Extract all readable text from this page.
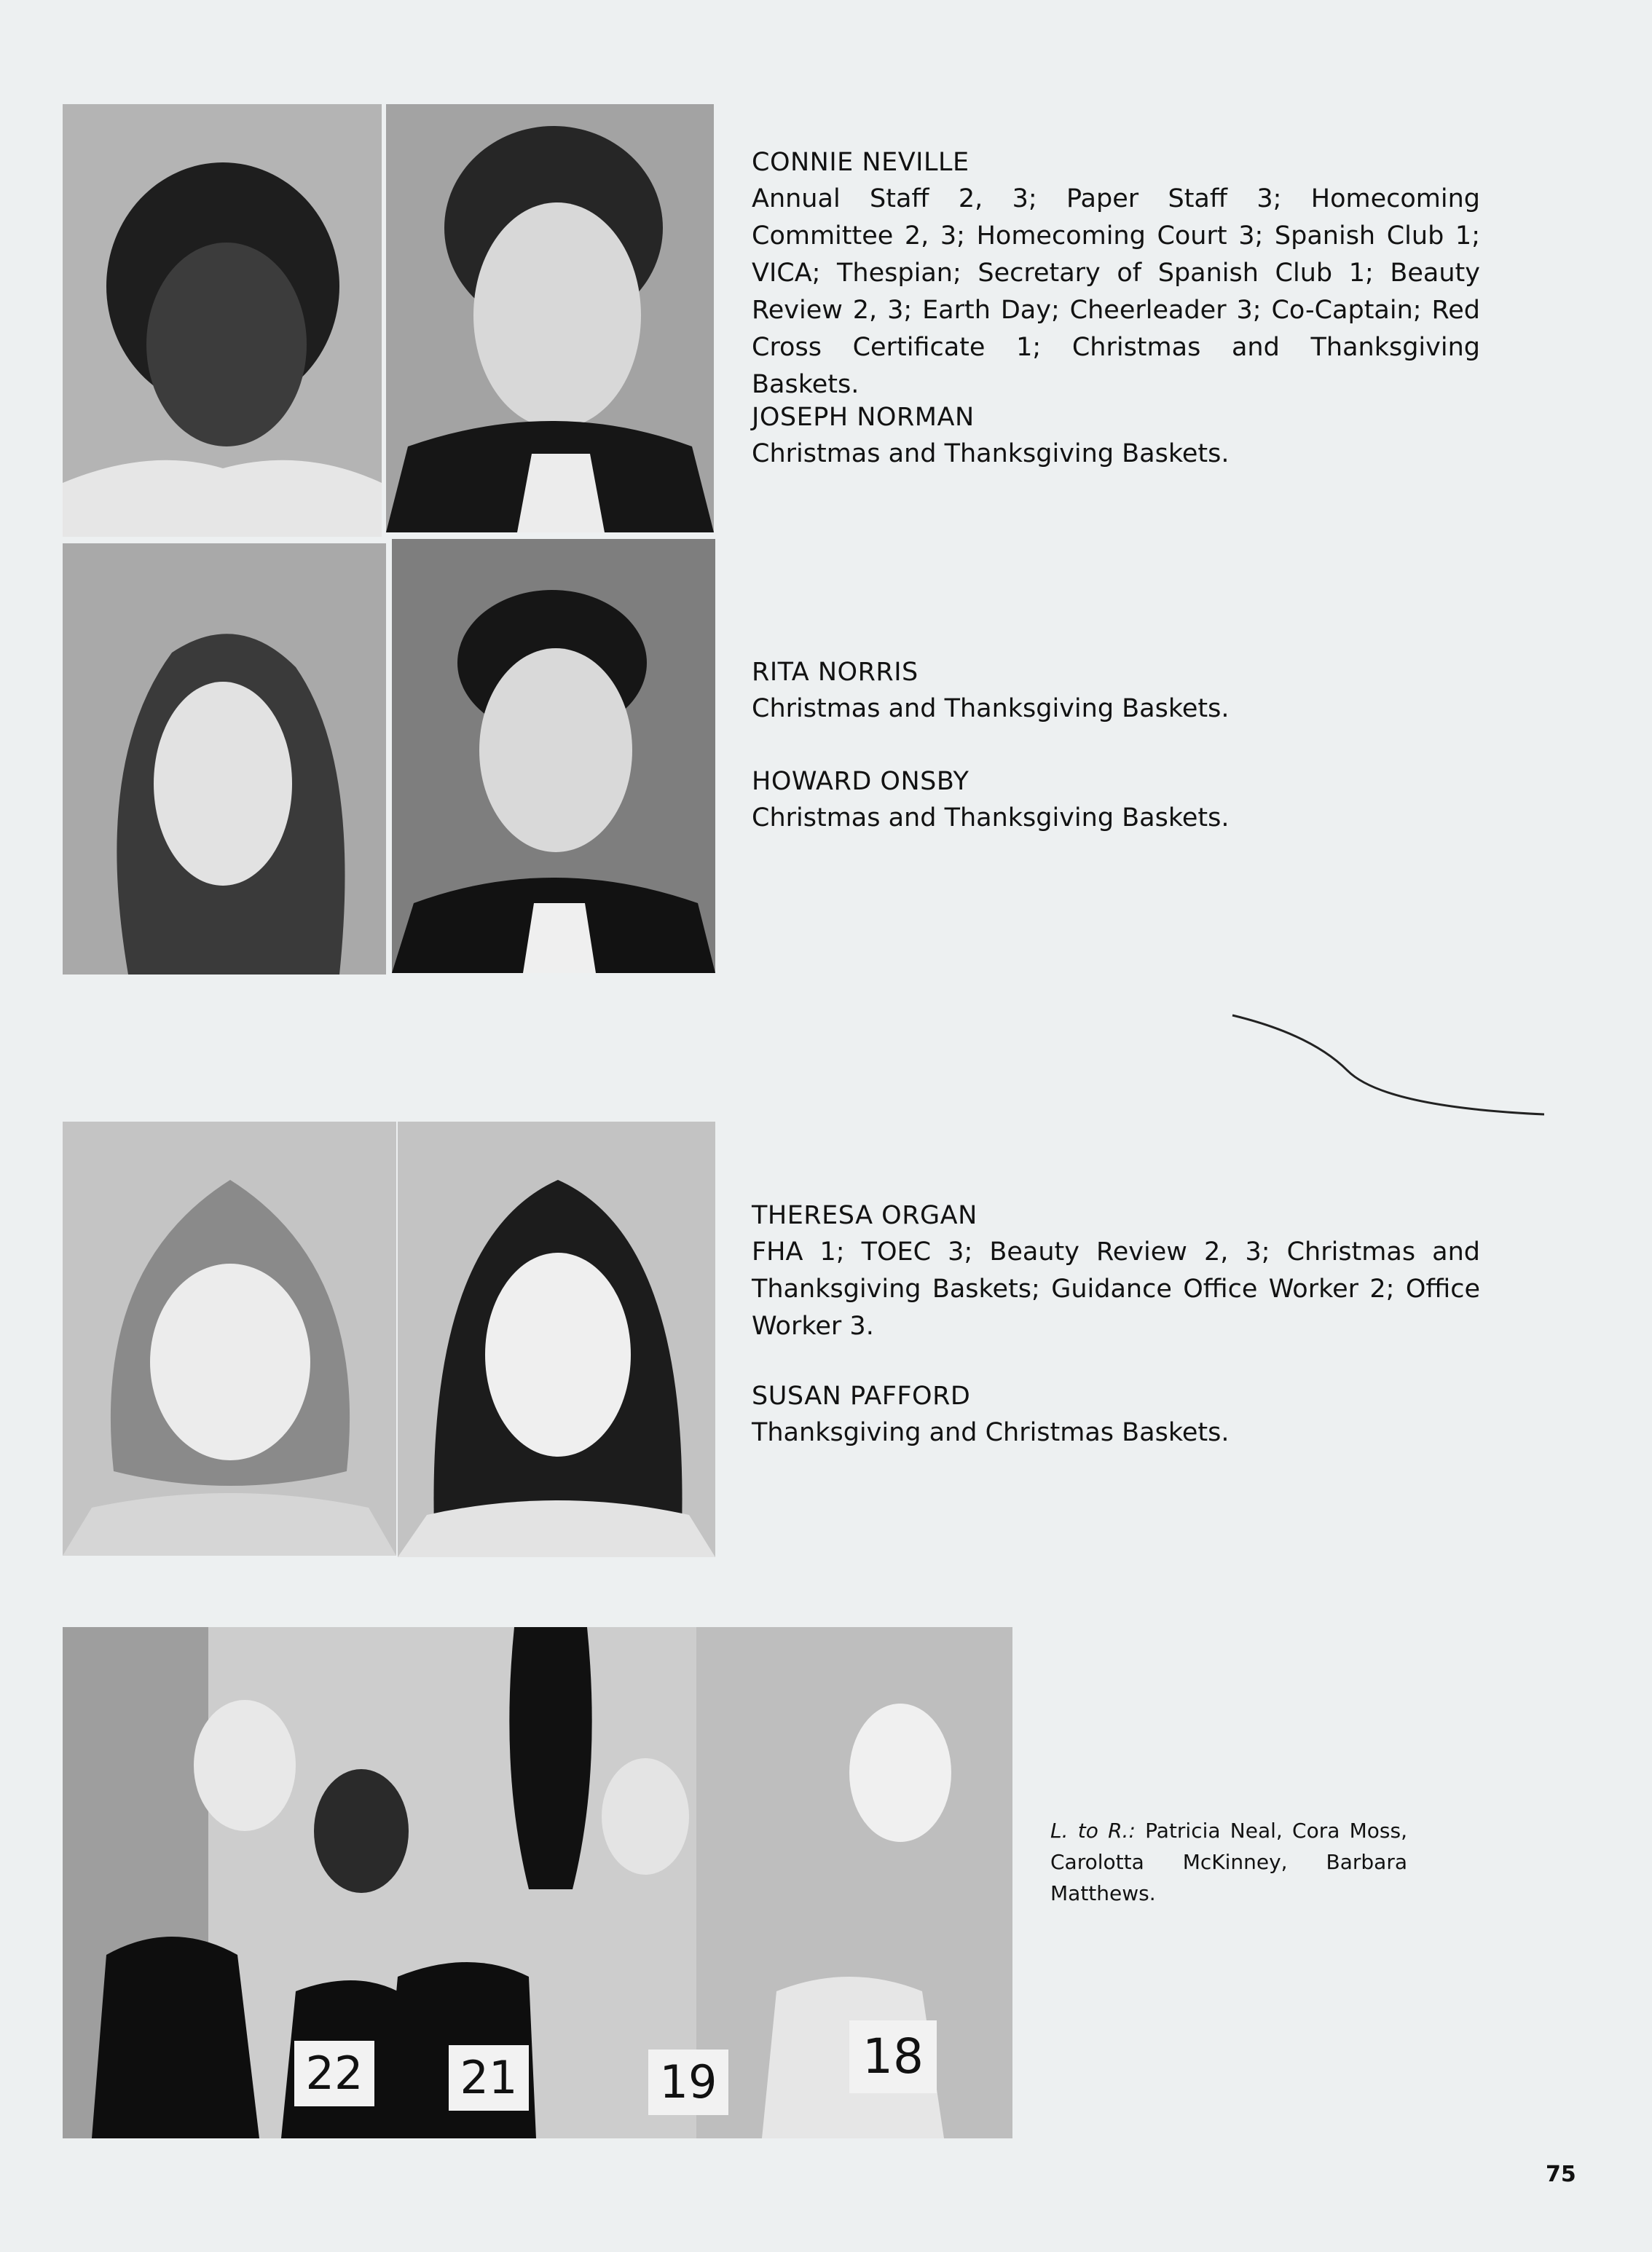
22 21	19	18

CONNIE NEVILLE

Annual Staff 2, 3; Paper Staff 3; Homecoming Committee 2, 3; Homecoming Court 3; Spanish Club 1; VICA; Thespian; Secretary of Spanish Club 1; Beauty Review 2, 3; Earth Day; Cheerleader 3; Co-Captain; Red Cross Certificate 1; Christmas and Thanksgiving Baskets.

JOSEPH NORMAN

Christmas and Thanksgiving Baskets.

RITA NORRIS

Christmas and Thanksgiving Baskets.

HOWARD ONSBY

Christmas and Thanksgiving Baskets.

THERESA ORGAN

FHA 1; TOEC 3; Beauty Review 2, 3; Christmas and Thanksgiving Baskets; Guidance Office Worker 2; Office Worker 3.

SUSAN PAFFORD

Thanksgiving and Christmas Baskets.

L. to R.: Patricia Neal, Cora Moss, Carolotta McKinney, Barbara Matthews.
75
